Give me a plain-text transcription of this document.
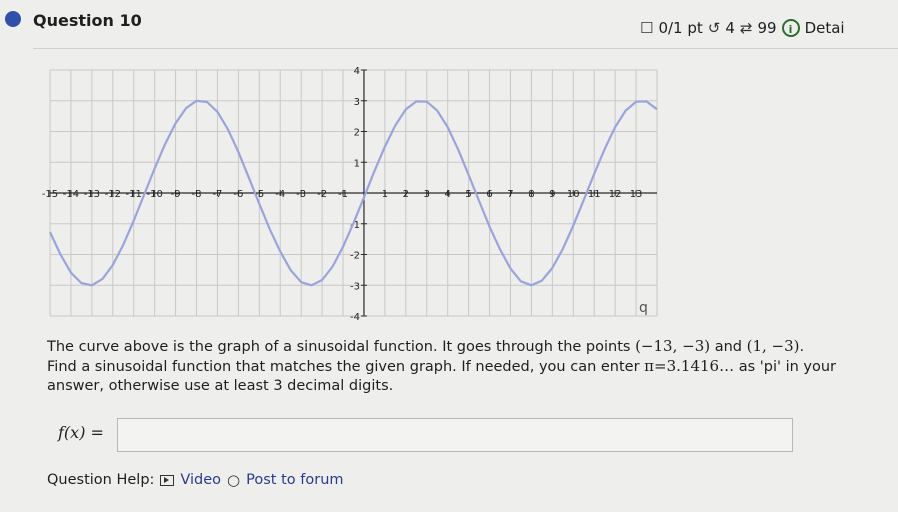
Question 10	☐ 0/1 pt ↺ 4 ⇄ 99	i Detai
-15 -14 -13 -12 -11 -10 -9 -8 -7 -6 -5 -4 -3 -2 -1	1 2 3 4 5 6 7 8 9 10 11 12 13
4
3
2
1
-1
-2
-3
-4
q
The curve above is the graph of a sinusoidal function. It goes through the points (−13, −3) and (1, −3).
Find a sinusoidal function that matches the given graph. If needed, you can enter π=3.1416… as 'pi' in your answer, otherwise use at least 3 decimal digits.
f(x) =
Question Help: Video ○ Post to forum
